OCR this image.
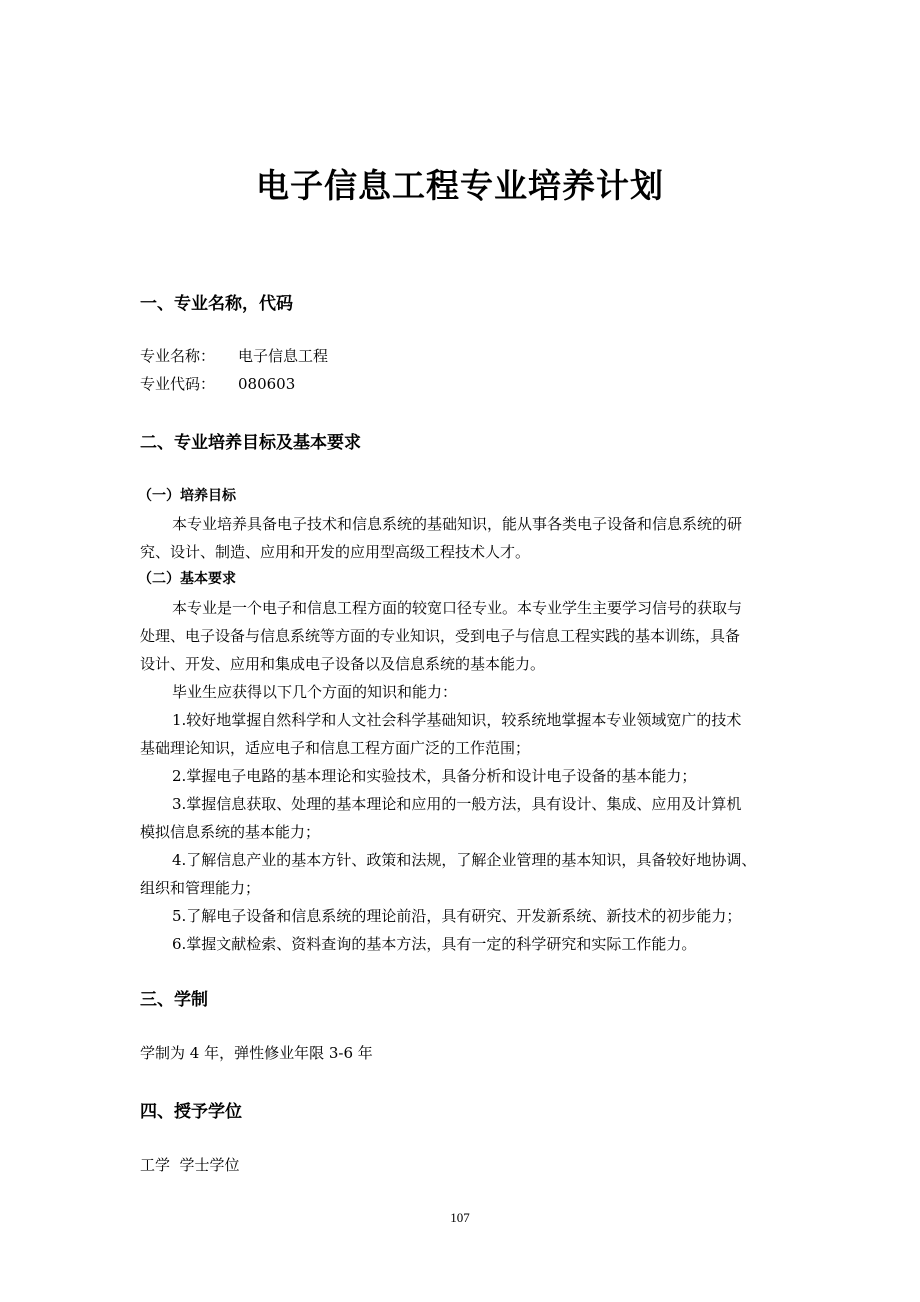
电子信息工程专业培养计划
一、专业名称，代码
专业名称： 电子信息工程
专业代码： 080603
二、专业培养目标及基本要求
（一）培养目标
本专业培养具备电子技术和信息系统的基础知识，能从事各类电子设备和信息系统的研
究、设计、制造、应用和开发的应用型高级工程技术人才。
（二）基本要求
本专业是一个电子和信息工程方面的较宽口径专业。本专业学生主要学习信号的获取与
处理、电子设备与信息系统等方面的专业知识，受到电子与信息工程实践的基本训练，具备
设计、开发、应用和集成电子设备以及信息系统的基本能力。
毕业生应获得以下几个方面的知识和能力：
1.较好地掌握自然科学和人文社会科学基础知识，较系统地掌握本专业领域宽广的技术
基础理论知识，适应电子和信息工程方面广泛的工作范围；
2.掌握电子电路的基本理论和实验技术，具备分析和设计电子设备的基本能力；
3.掌握信息获取、处理的基本理论和应用的一般方法，具有设计、集成、应用及计算机
模拟信息系统的基本能力；
4.了解信息产业的基本方针、政策和法规，了解企业管理的基本知识，具备较好地协调、
组织和管理能力；
5.了解电子设备和信息系统的理论前沿，具有研究、开发新系统、新技术的初步能力；
6.掌握文献检索、资料查询的基本方法，具有一定的科学研究和实际工作能力。
三、学制
学制为 4 年，弹性修业年限 3-6 年
四、授予学位
工学  学士学位
107
